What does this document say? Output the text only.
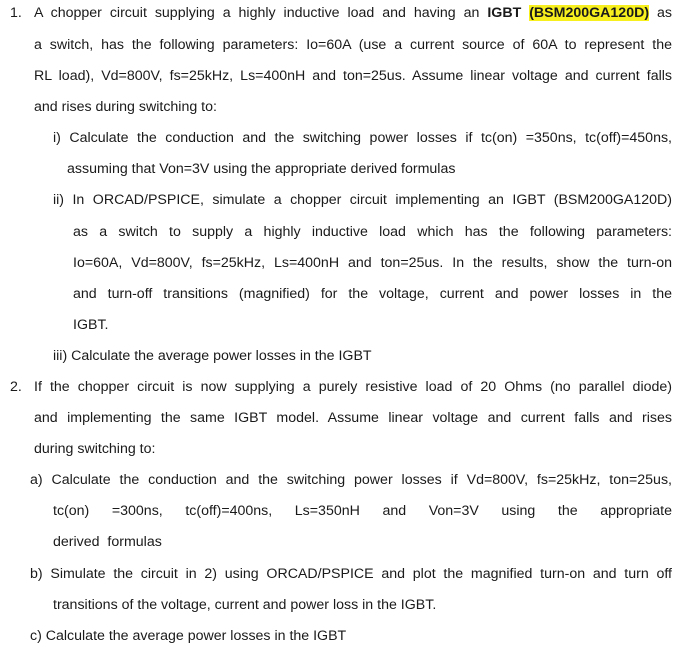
1. A chopper circuit supplying a highly inductive load and having an IGBT (BSM200GA120D) as
a switch, has the following parameters: Io=60A (use a current source of 60A to represent the
RL load), Vd=800V, fs=25kHz, Ls=400nH and ton=25us. Assume linear voltage and current falls
and rises during switching to:
i) Calculate the conduction and the switching power losses if tc(on) =350ns, tc(off)=450ns,
assuming that Von=3V using the appropriate derived formulas
ii) In ORCAD/PSPICE, simulate a chopper circuit implementing an IGBT (BSM200GA120D)
as a switch to supply a highly inductive load which has the following parameters:
Io=60A, Vd=800V, fs=25kHz, Ls=400nH and ton=25us. In the results, show the turn-on
and turn-off transitions (magnified) for the voltage, current and power losses in the
IGBT.
iii) Calculate the average power losses in the IGBT
2. If the chopper circuit is now supplying a purely resistive load of 20 Ohms (no parallel diode)
and implementing the same IGBT model. Assume linear voltage and current falls and rises
during switching to:
a) Calculate the conduction and the switching power losses if Vd=800V, fs=25kHz, ton=25us,
tc(on)  =300ns,  tc(off)=400ns,  Ls=350nH  and  Von=3V  using  the  appropriate
derived  formulas
b) Simulate the circuit in 2) using ORCAD/PSPICE and plot the magnified turn-on and turn off
transitions of the voltage, current and power loss in the IGBT.
c) Calculate the average power losses in the IGBT
